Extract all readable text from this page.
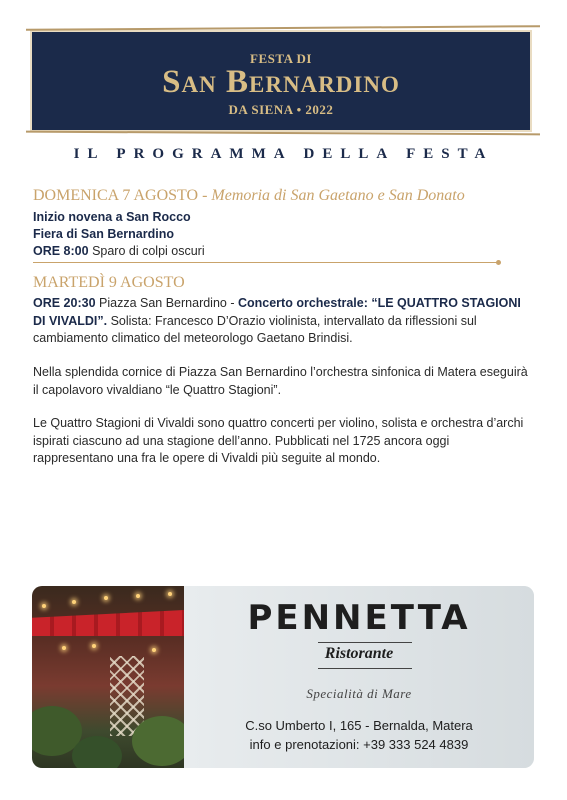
FESTA DI
San Bernardino
DA SIENA • 2022
IL PROGRAMMA DELLA FESTA
DOMENICA 7 AGOSTO - Memoria di San Gaetano e San Donato
Inizio novena a San Rocco
Fiera di San Bernardino
ORE 8:00 Sparo di colpi oscuri
MARTEDÌ 9 AGOSTO
ORE 20:30 Piazza San Bernardino - Concerto orchestrale: “LE QUATTRO STAGIONI DI VIVALDI”. Solista: Francesco D’Orazio violinista, intervallato da riflessioni sul cambiamento climatico del meteorologo Gaetano Brindisi.
Nella splendida cornice di Piazza San Bernardino l’orchestra sinfonica di Matera eseguirà il capolavoro vivaldiano “le Quattro Stagioni”.
Le Quattro Stagioni di Vivaldi sono quattro concerti per violino, solista e orchestra d’archi ispirati ciascuno ad una stagione dell’anno. Pubblicati nel 1725 ancora oggi rappresentano una fra le opere di Vivaldi più seguite al mondo.
PENNETTA
Ristorante
Specialità di Mare
C.so Umberto I, 165 - Bernalda, Matera
info e prenotazioni: +39 333 524 4839
